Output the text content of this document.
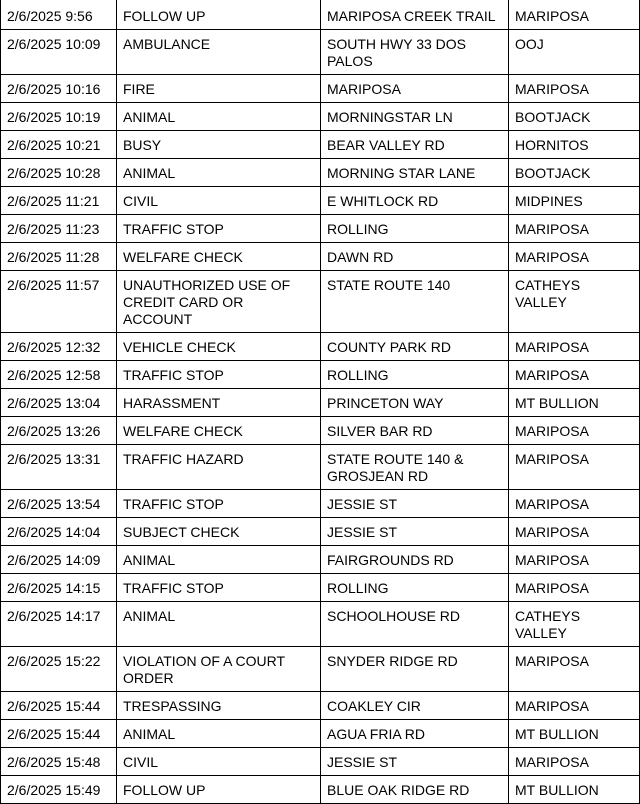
2/6/2025 9:56	FOLLOW UP	MARIPOSA CREEK TRAIL	MARIPOSA
2/6/2025 10:09	AMBULANCE	SOUTH HWY 33 DOS PALOS	OOJ
2/6/2025 10:16	FIRE	MARIPOSA	MARIPOSA
2/6/2025 10:19	ANIMAL	MORNINGSTAR LN	BOOTJACK
2/6/2025 10:21	BUSY	BEAR VALLEY RD	HORNITOS
2/6/2025 10:28	ANIMAL	MORNING STAR LANE	BOOTJACK
2/6/2025 11:21	CIVIL	E WHITLOCK RD	MIDPINES
2/6/2025 11:23	TRAFFIC STOP	ROLLING	MARIPOSA
2/6/2025 11:28	WELFARE CHECK	DAWN RD	MARIPOSA
2/6/2025 11:57	UNAUTHORIZED USE OF CREDIT CARD OR ACCOUNT	STATE ROUTE 140	CATHEYS VALLEY
2/6/2025 12:32	VEHICLE CHECK	COUNTY PARK RD	MARIPOSA
2/6/2025 12:58	TRAFFIC STOP	ROLLING	MARIPOSA
2/6/2025 13:04	HARASSMENT	PRINCETON WAY	MT BULLION
2/6/2025 13:26	WELFARE CHECK	SILVER BAR RD	MARIPOSA
2/6/2025 13:31	TRAFFIC HAZARD	STATE ROUTE 140 & GROSJEAN RD	MARIPOSA
2/6/2025 13:54	TRAFFIC STOP	JESSIE ST	MARIPOSA
2/6/2025 14:04	SUBJECT CHECK	JESSIE ST	MARIPOSA
2/6/2025 14:09	ANIMAL	FAIRGROUNDS RD	MARIPOSA
2/6/2025 14:15	TRAFFIC STOP	ROLLING	MARIPOSA
2/6/2025 14:17	ANIMAL	SCHOOLHOUSE RD	CATHEYS VALLEY
2/6/2025 15:22	VIOLATION OF A COURT ORDER	SNYDER RIDGE RD	MARIPOSA
2/6/2025 15:44	TRESPASSING	COAKLEY CIR	MARIPOSA
2/6/2025 15:44	ANIMAL	AGUA FRIA RD	MT BULLION
2/6/2025 15:48	CIVIL	JESSIE ST	MARIPOSA
2/6/2025 15:49	FOLLOW UP	BLUE OAK RIDGE RD	MT BULLION
